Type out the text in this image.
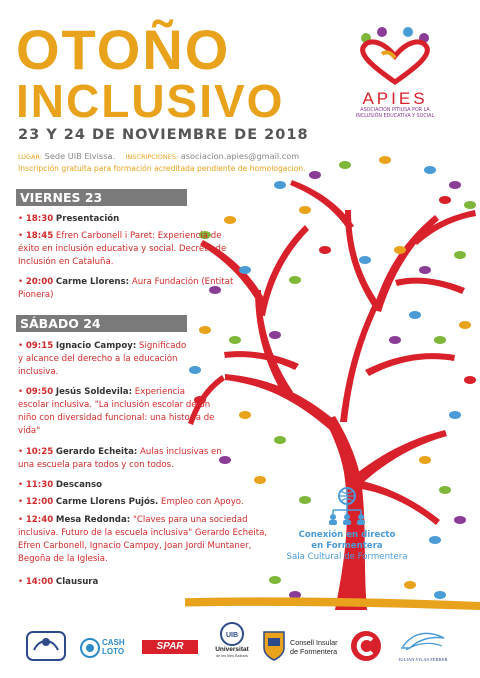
OTOÑO
INCLUSIVO
23 Y 24 DE NOVIEMBRE DE 2018
LUGAR: Sede UIB Eivissa. INSCRIPCIONES: asociacion.apies@gmail.com
Inscripción gratuita para formación acreditada pendiente de homologacion.
APIES
ASOCIACIÓN PITIUSA POR LA
INCLUSIÓN EDUCATIVA Y SOCIAL
VIERNES 23
• 18:30 Presentación
• 18:45 Efren Carbonell i Paret: Experiencia de éxito en inclusión educativa y social. Decreto de Inclusión en Cataluña.
• 20:00 Carme Llorens: Aura Fundación (Entitat Pionera)
SÁBADO 24
• 09:15 Ignacio Campoy: Significado y alcance del derecho a la educación inclusiva.
• 09:50 Jesús Soldevila: Experiencia escolar inclusiva. "La inclusión escolar de un niño con diversidad funcional: una historia de vida"
• 10:25 Gerardo Echeita: Aulas inclusivas en una escuela para todos y con todos.
• 11:30 Descanso
• 12:00 Carme Llorens Pujós. Empleo con Apoyo.
• 12:40 Mesa Redonda: "Claves para una sociedad inclusiva. Futuro de la escuela inclusiva" Gerardo Echeita, Efren Carbonell, Ignacio Campoy, Joan Jordi Muntaner, Begoña de la Iglesia.
• 14:00 Clausura
Conexión en directo
en Formentera
Sala Cultural de Formentera
CASH LOTO	SPAR
UIB
Universitat
de les Illes Balears
Consell Insular
de Formentera
JULIAN VILAS FERRER
